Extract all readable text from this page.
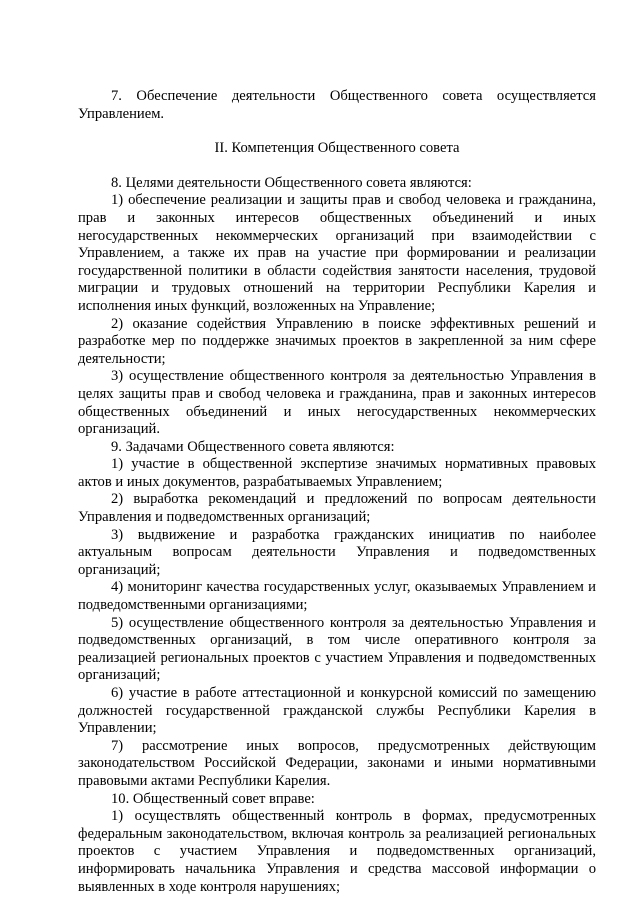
7. Обеспечение деятельности Общественного совета осуществляется Управлением.

II. Компетенция Общественного совета

8. Целями деятельности Общественного совета являются:

1) обеспечение реализации и защиты прав и свобод человека и гражданина, прав и законных интересов общественных объединений и иных негосударственных некоммерческих организаций при взаимодействии с Управлением, а также их прав на участие при формировании и реализации государственной политики в области содействия занятости населения, трудовой миграции и трудовых отношений на территории Республики Карелия и исполнения иных функций, возложенных на Управление;

2) оказание содействия Управлению в поиске эффективных решений и разработке мер по поддержке значимых проектов в закрепленной за ним сфере деятельности;

3) осуществление общественного контроля за деятельностью Управления в целях защиты прав и свобод человека и гражданина, прав и законных интересов общественных объединений и иных негосударственных некоммерческих организаций.

9. Задачами Общественного совета являются:

1) участие в общественной экспертизе значимых нормативных правовых актов и иных документов, разрабатываемых Управлением;

2) выработка рекомендаций и предложений по вопросам деятельности Управления и подведомственных организаций;

3) выдвижение и разработка гражданских инициатив по наиболее актуальным вопросам деятельности Управления и подведомственных организаций;

4) мониторинг качества государственных услуг, оказываемых Управлением и подведомственными организациями;

5) осуществление общественного контроля за деятельностью Управления и подведомственных организаций, в том числе оперативного контроля за реализацией региональных проектов с участием Управления и подведомственных организаций;

6) участие в работе аттестационной и конкурсной комиссий по замещению должностей государственной гражданской службы Республики Карелия в Управлении;

7) рассмотрение иных вопросов, предусмотренных действующим законодательством Российской Федерации, законами и иными нормативными правовыми актами Республики Карелия.

10. Общественный совет вправе:

1) осуществлять общественный контроль в формах, предусмотренных федеральным законодательством, включая контроль за реализацией региональных проектов с участием Управления и подведомственных организаций, информировать начальника Управления и средства массовой информации о выявленных в ходе контроля нарушениях;
